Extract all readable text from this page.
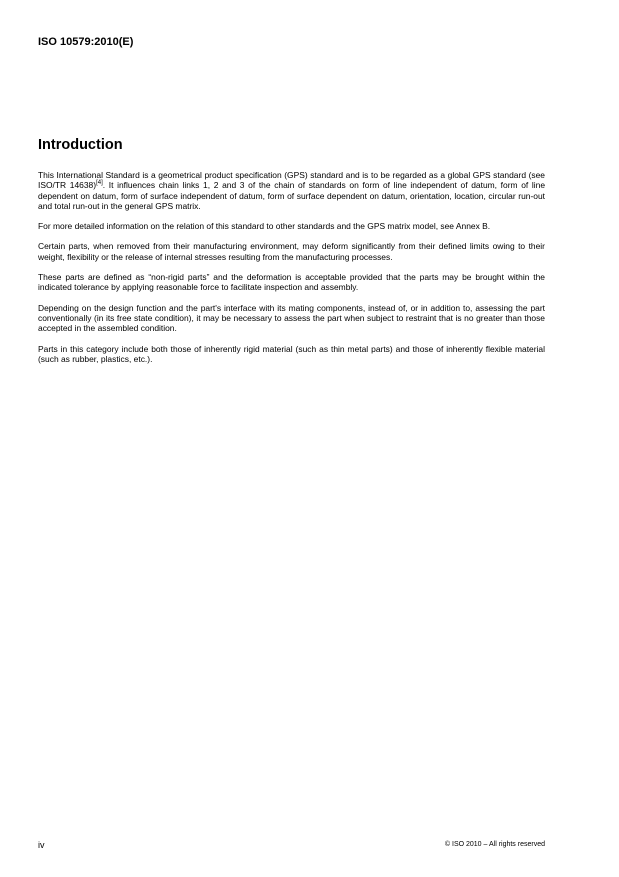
ISO 10579:2010(E)
Introduction

This International Standard is a geometrical product specification (GPS) standard and is to be regarded as a global GPS standard (see ISO/TR 14638)[4]. It influences chain links 1, 2 and 3 of the chain of standards on form of line independent of datum, form of line dependent on datum, form of surface independent of datum, form of surface dependent on datum, orientation, location, circular run-out and total run-out in the general GPS matrix.

For more detailed information on the relation of this standard to other standards and the GPS matrix model, see Annex B.

Certain parts, when removed from their manufacturing environment, may deform significantly from their defined limits owing to their weight, flexibility or the release of internal stresses resulting from the manufacturing processes.

These parts are defined as “non-rigid parts” and the deformation is acceptable provided that the parts may be brought within the indicated tolerance by applying reasonable force to facilitate inspection and assembly.

Depending on the design function and the part's interface with its mating components, instead of, or in addition to, assessing the part conventionally (in its free state condition), it may be necessary to assess the part when subject to restraint that is no greater than those accepted in the assembled condition.

Parts in this category include both those of inherently rigid material (such as thin metal parts) and those of inherently flexible material (such as rubber, plastics, etc.).

iv	© ISO 2010 – All rights reserved
